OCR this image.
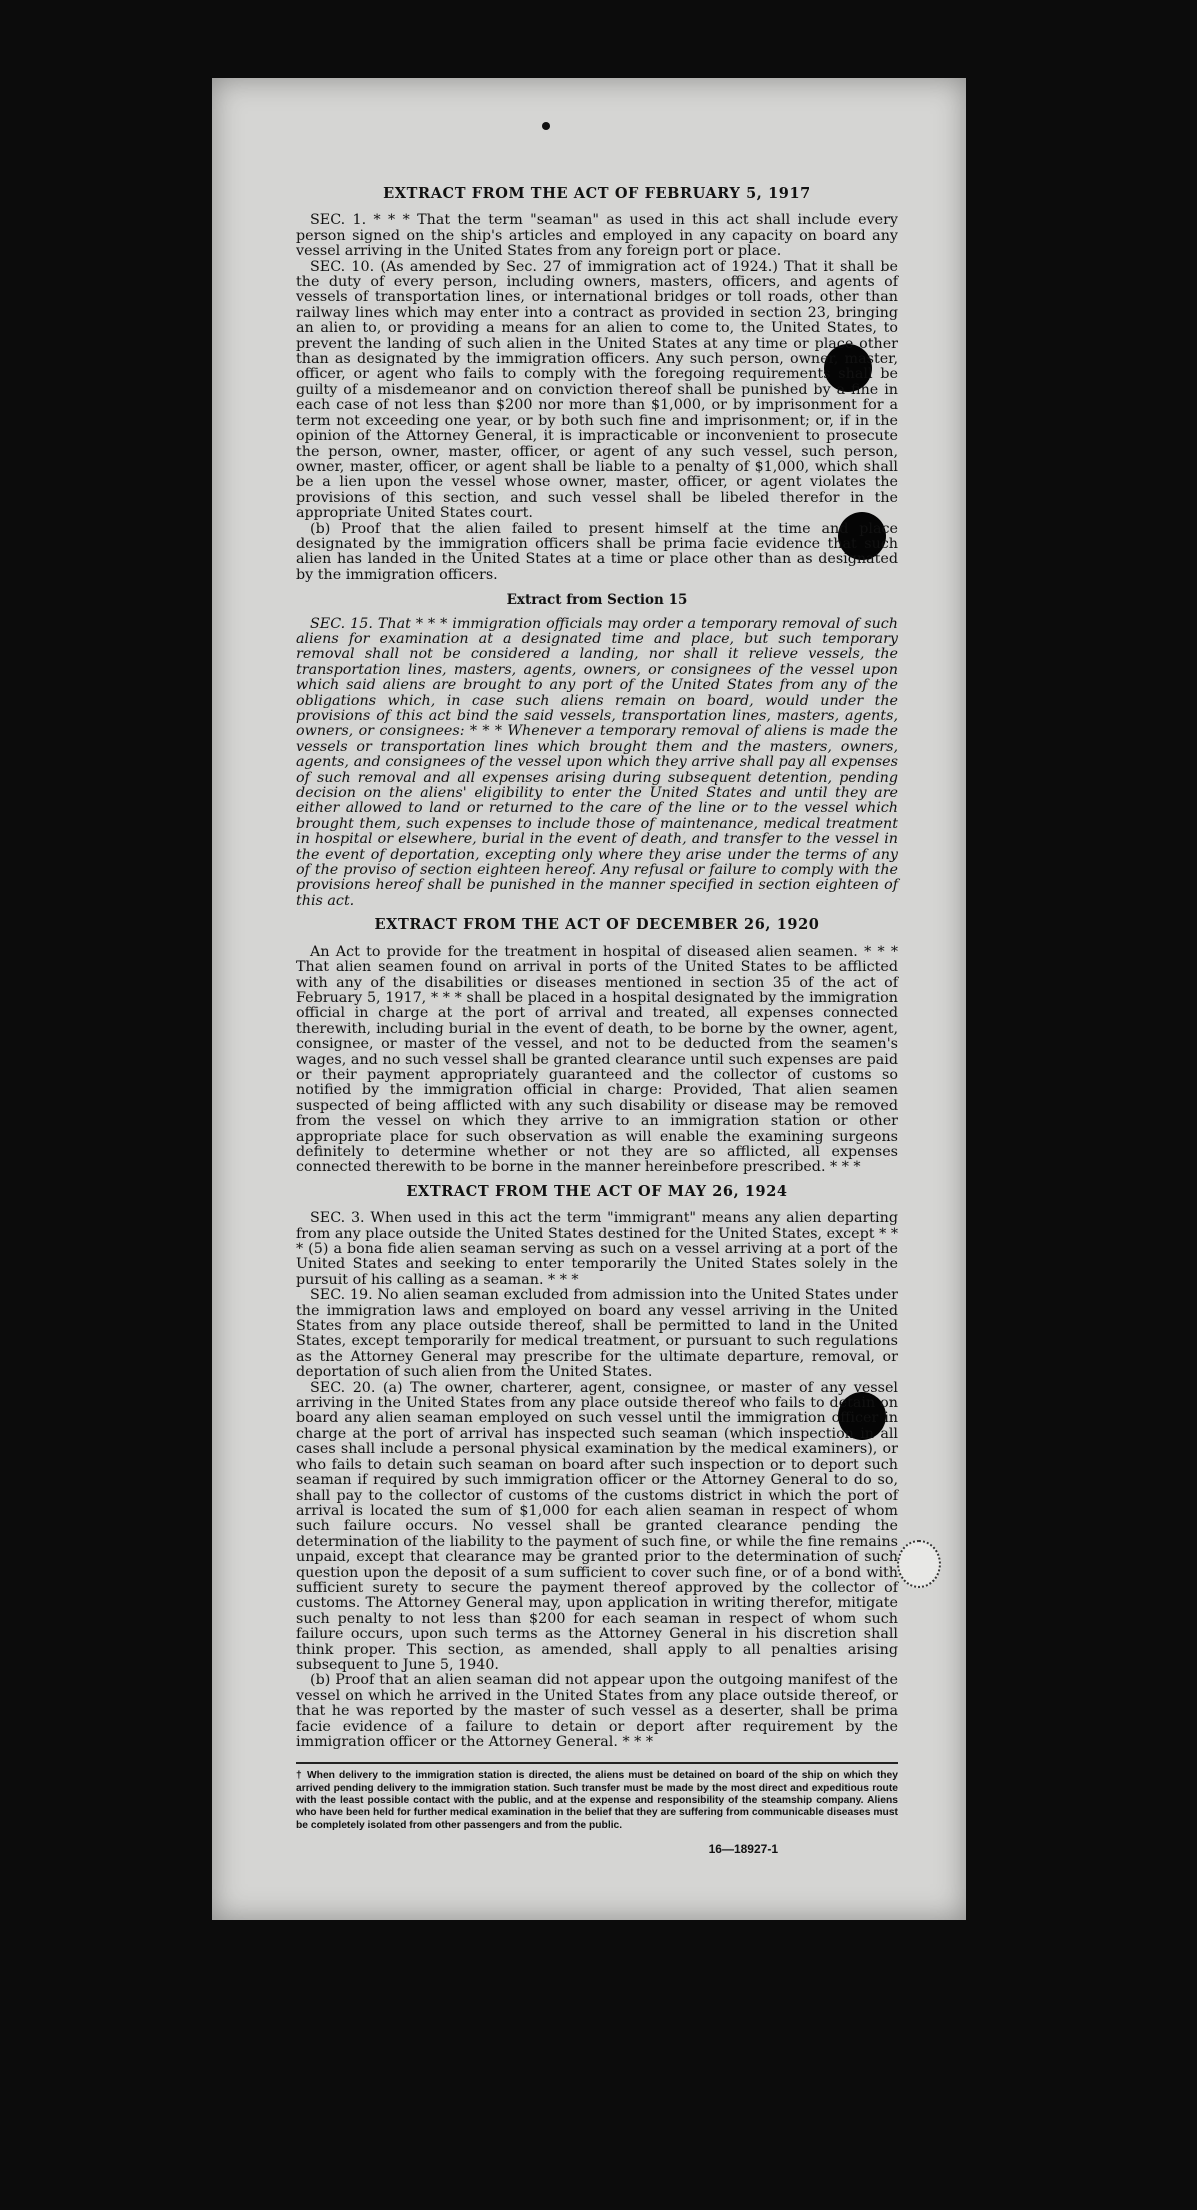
EXTRACT FROM THE ACT OF FEBRUARY 5, 1917

SEC. 1. * * * That the term "seaman" as used in this act shall include every person signed on the ship's articles and employed in any capacity on board any vessel arriving in the United States from any foreign port or place.

SEC. 10. (As amended by Sec. 27 of immigration act of 1924.) That it shall be the duty of every person, including owners, masters, officers, and agents of vessels of transportation lines, or international bridges or toll roads, other than railway lines which may enter into a contract as provided in section 23, bringing an alien to, or providing a means for an alien to come to, the United States, to prevent the landing of such alien in the United States at any time or place other than as designated by the immigration officers. Any such person, owner, master, officer, or agent who fails to comply with the foregoing requirements shall be guilty of a misdemeanor and on conviction thereof shall be punished by a fine in each case of not less than $200 nor more than $1,000, or by imprisonment for a term not exceeding one year, or by both such fine and imprisonment; or, if in the opinion of the Attorney General, it is impracticable or inconvenient to prosecute the person, owner, master, officer, or agent of any such vessel, such person, owner, master, officer, or agent shall be liable to a penalty of $1,000, which shall be a lien upon the vessel whose owner, master, officer, or agent violates the provisions of this section, and such vessel shall be libeled therefor in the appropriate United States court.

(b) Proof that the alien failed to present himself at the time and place designated by the immigration officers shall be prima facie evidence that such alien has landed in the United States at a time or place other than as designated by the immigration officers.

Extract from Section 15

SEC. 15. That * * * immigration officials may order a temporary removal of such aliens for examination at a designated time and place, but such temporary removal shall not be considered a landing, nor shall it relieve vessels, the transportation lines, masters, agents, owners, or consignees of the vessel upon which said aliens are brought to any port of the United States from any of the obligations which, in case such aliens remain on board, would under the provisions of this act bind the said vessels, transportation lines, masters, agents, owners, or consignees: * * * Whenever a temporary removal of aliens is made the vessels or transportation lines which brought them and the masters, owners, agents, and consignees of the vessel upon which they arrive shall pay all expenses of such removal and all expenses arising during subsequent detention, pending decision on the aliens' eligibility to enter the United States and until they are either allowed to land or returned to the care of the line or to the vessel which brought them, such expenses to include those of maintenance, medical treatment in hospital or elsewhere, burial in the event of death, and transfer to the vessel in the event of deportation, excepting only where they arise under the terms of any of the proviso of section eighteen hereof. Any refusal or failure to comply with the provisions hereof shall be punished in the manner specified in section eighteen of this act.

EXTRACT FROM THE ACT OF DECEMBER 26, 1920

An Act to provide for the treatment in hospital of diseased alien seamen. * * * That alien seamen found on arrival in ports of the United States to be afflicted with any of the disabilities or diseases mentioned in section 35 of the act of February 5, 1917, * * * shall be placed in a hospital designated by the immigration official in charge at the port of arrival and treated, all expenses connected therewith, including burial in the event of death, to be borne by the owner, agent, consignee, or master of the vessel, and not to be deducted from the seamen's wages, and no such vessel shall be granted clearance until such expenses are paid or their payment appropriately guaranteed and the collector of customs so notified by the immigration official in charge: Provided, That alien seamen suspected of being afflicted with any such disability or disease may be removed from the vessel on which they arrive to an immigration station or other appropriate place for such observation as will enable the examining surgeons definitely to determine whether or not they are so afflicted, all expenses connected therewith to be borne in the manner hereinbefore prescribed. * * *

EXTRACT FROM THE ACT OF MAY 26, 1924

SEC. 3. When used in this act the term "immigrant" means any alien departing from any place outside the United States destined for the United States, except * * * (5) a bona fide alien seaman serving as such on a vessel arriving at a port of the United States and seeking to enter temporarily the United States solely in the pursuit of his calling as a seaman. * * *

SEC. 19. No alien seaman excluded from admission into the United States under the immigration laws and employed on board any vessel arriving in the United States from any place outside thereof, shall be permitted to land in the United States, except temporarily for medical treatment, or pursuant to such regulations as the Attorney General may prescribe for the ultimate departure, removal, or deportation of such alien from the United States.

SEC. 20. (a) The owner, charterer, agent, consignee, or master of any vessel arriving in the United States from any place outside thereof who fails to detain on board any alien seaman employed on such vessel until the immigration officer in charge at the port of arrival has inspected such seaman (which inspection in all cases shall include a personal physical examination by the medical examiners), or who fails to detain such seaman on board after such inspection or to deport such seaman if required by such immigration officer or the Attorney General to do so, shall pay to the collector of customs of the customs district in which the port of arrival is located the sum of $1,000 for each alien seaman in respect of whom such failure occurs. No vessel shall be granted clearance pending the determination of the liability to the payment of such fine, or while the fine remains unpaid, except that clearance may be granted prior to the determination of such question upon the deposit of a sum sufficient to cover such fine, or of a bond with sufficient surety to secure the payment thereof approved by the collector of customs. The Attorney General may, upon application in writing therefor, mitigate such penalty to not less than $200 for each seaman in respect of whom such failure occurs, upon such terms as the Attorney General in his discretion shall think proper. This section, as amended, shall apply to all penalties arising subsequent to June 5, 1940.

(b) Proof that an alien seaman did not appear upon the outgoing manifest of the vessel on which he arrived in the United States from any place outside thereof, or that he was reported by the master of such vessel as a deserter, shall be prima facie evidence of a failure to detain or deport after requirement by the immigration officer or the Attorney General. * * *

† When delivery to the immigration station is directed, the aliens must be detained on board of the ship on which they arrived pending delivery to the immigration station. Such transfer must be made by the most direct and expeditious route with the least possible contact with the public, and at the expense and responsibility of the steamship company. Aliens who have been held for further medical examination in the belief that they are suffering from communicable diseases must be completely isolated from other passengers and from the public.
16—18927-1
